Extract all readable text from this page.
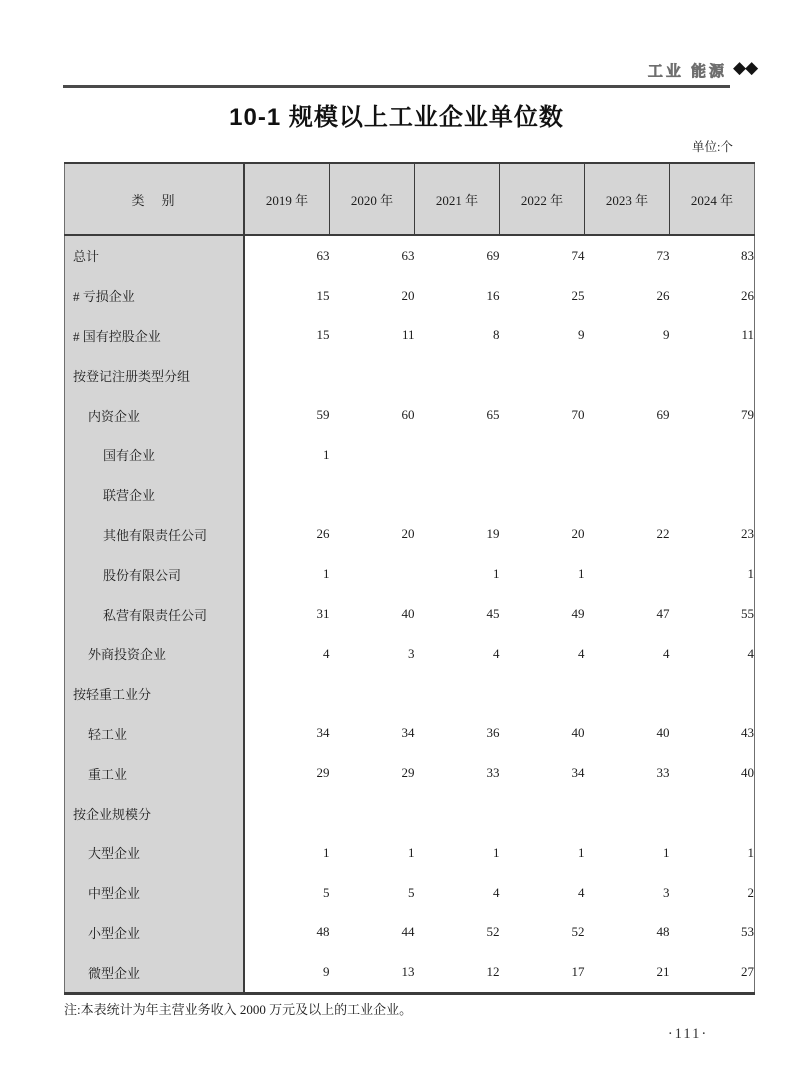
工业 能源 ◆◆
10-1 规模以上工业企业单位数
单位:个
类　别	2019 年	2020 年	2021 年	2022 年	2023 年	2024 年
总计	63	63	69	74	73	83
# 亏损企业	15	20	16	25	26	26
# 国有控股企业	15	11	8	9	9	11
按登记注册类型分组						
内资企业	59	60	65	70	69	79
国有企业	1					
联营企业						
其他有限责任公司	26	20	19	20	22	23
股份有限公司	1		1	1		1
私营有限责任公司	31	40	45	49	47	55
外商投资企业	4	3	4	4	4	4
按轻重工业分						
轻工业	34	34	36	40	40	43
重工业	29	29	33	34	33	40
按企业规模分						
大型企业	1	1	1	1	1	1
中型企业	5	5	4	4	3	2
小型企业	48	44	52	52	48	53
微型企业	9	13	12	17	21	27
注:本表统计为年主营业务收入 2000 万元及以上的工业企业。
·111·
